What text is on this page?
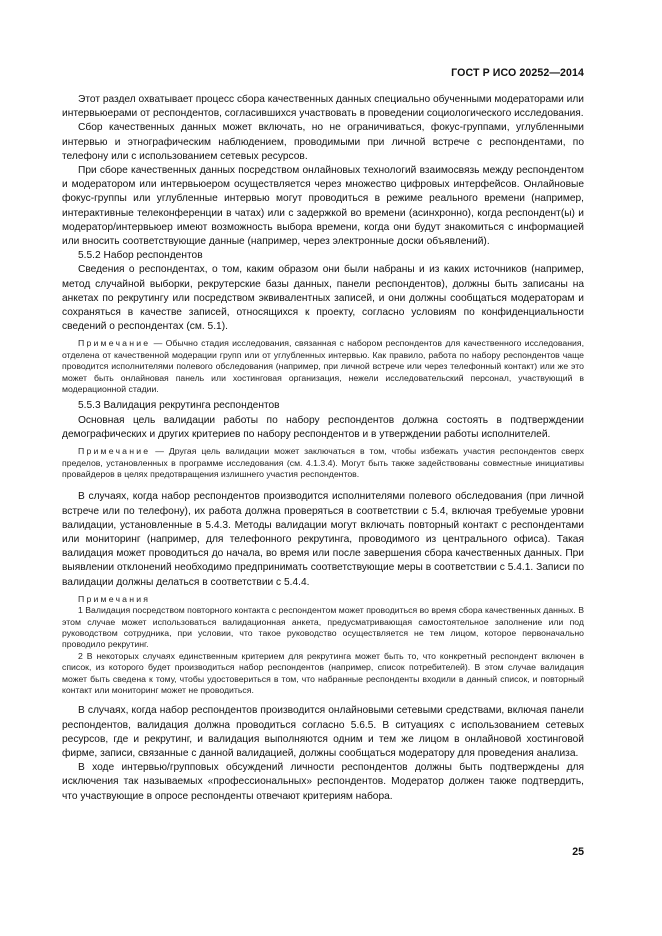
ГОСТ Р ИСО 20252—2014

Этот раздел охватывает процесс сбора качественных данных специально обученными модераторами или интервьюерами от респондентов, согласившихся участвовать в проведении социологического исследования.

Сбор качественных данных может включать, но не ограничиваться, фокус-группами, углубленными интервью и этнографическим наблюдением, проводимыми при личной встрече с респондентами, по телефону или с использованием сетевых ресурсов.

При сборе качественных данных посредством онлайновых технологий взаимосвязь между респондентом и модератором или интервьюером осуществляется через множество цифровых интерфейсов. Онлайновые фокус-группы или углубленные интервью могут проводиться в режиме реального времени (например, интерактивные телеконференции в чатах) или с задержкой во времени (асинхронно), когда респондент(ы) и модератор/интервьюер имеют возможность выбора времени, когда они будут знакомиться с информацией или вносить соответствующие данные (например, через электронные доски объявлений).

5.5.2 Набор респондентов

Сведения о респондентах, о том, каким образом они были набраны и из каких источников (например, метод случайной выборки, рекрутерские базы данных, панели респондентов), должны быть записаны на анкетах по рекрутингу или посредством эквивалентных записей, и они должны сообщаться модераторам и сохраняться в качестве записей, относящихся к проекту, согласно условиям по конфиденциальности сведений о респондентах (см. 5.1).

Примечание — Обычно стадия исследования, связанная с набором респондентов для качественного исследования, отделена от качественной модерации групп или от углубленных интервью. Как правило, работа по набору респондентов чаще проводится исполнителями полевого обследования (например, при личной встрече или через телефонный контакт) или же это может быть онлайновая панель или хостинговая организация, нежели исследовательский персонал, участвующий в модерационной стадии.

5.5.3 Валидация рекрутинга респондентов

Основная цель валидации работы по набору респондентов должна состоять в подтверждении демографических и других критериев по набору респондентов и в утверждении работы исполнителей.

Примечание — Другая цель валидации может заключаться в том, чтобы избежать участия респондентов сверх пределов, установленных в программе исследования (см. 4.1.3.4). Могут быть также задействованы совместные инициативы провайдеров в целях предотвращения излишнего участия респондентов.

В случаях, когда набор респондентов производится исполнителями полевого обследования (при личной встрече или по телефону), их работа должна проверяться в соответствии с 5.4, включая требуемые уровни валидации, установленные в 5.4.3. Методы валидации могут включать повторный контакт с респондентами или мониторинг (например, для телефонного рекрутинга, проводимого из центрального офиса). Такая валидация может проводиться до начала, во время или после завершения сбора качественных данных. При выявлении отклонений необходимо предпринимать соответствующие меры в соответствии с 5.4.1. Записи по валидации должны делаться в соответствии с 5.4.4.

Примечания

1 Валидация посредством повторного контакта с респондентом может проводиться во время сбора качественных данных. В этом случае может использоваться валидационная анкета, предусматривающая самостоятельное заполнение или под руководством сотрудника, при условии, что такое руководство осуществляется не тем лицом, которое первоначально проводило рекрутинг.

2 В некоторых случаях единственным критерием для рекрутинга может быть то, что конкретный респондент включен в список, из которого будет производиться набор респондентов (например, список потребителей). В этом случае валидация может быть сведена к тому, чтобы удостовериться в том, что набранные респонденты входили в данный список, и повторный контакт или мониторинг может не проводиться.

В случаях, когда набор респондентов производится онлайновыми сетевыми средствами, включая панели респондентов, валидация должна проводиться согласно 5.6.5. В ситуациях с использованием сетевых ресурсов, где и рекрутинг, и валидация выполняются одним и тем же лицом в онлайновой хостинговой фирме, записи, связанные с данной валидацией, должны сообщаться модератору для проведения анализа.

В ходе интервью/групповых обсуждений личности респондентов должны быть подтверждены для исключения так называемых «профессиональных» респондентов. Модератор должен также подтвердить, что участвующие в опросе респонденты отвечают критериям набора.

25
